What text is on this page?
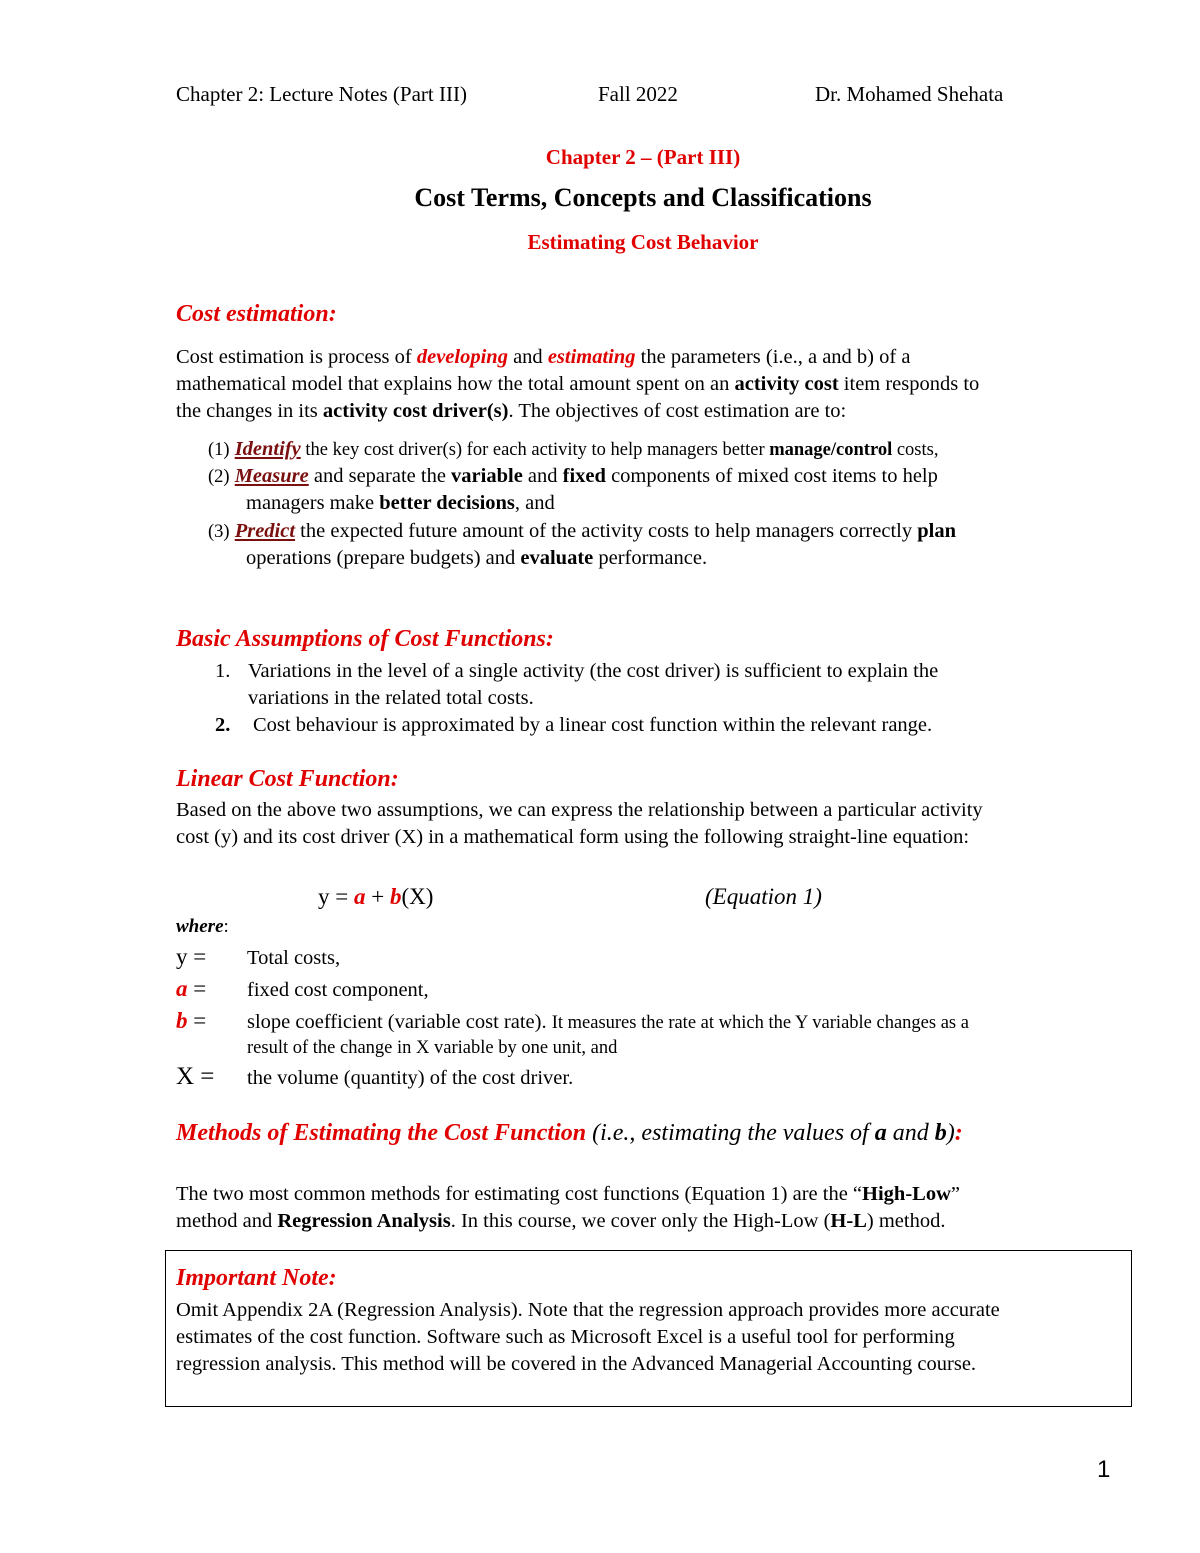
Chapter 2: Lecture Notes (Part III)	Fall 2022	Dr. Mohamed Shehata
Chapter 2 – (Part III)
Cost Terms, Concepts and Classifications
Estimating Cost Behavior
Cost estimation:
Cost estimation is process of developing and estimating the parameters (i.e., a and b) of a
mathematical model that explains how the total amount spent on an activity cost item responds to
the changes in its activity cost driver(s). The objectives of cost estimation are to:
(1) Identify the key cost driver(s) for each activity to help managers better manage/control costs,
(2) Measure and separate the variable and fixed components of mixed cost items to help
managers make better decisions, and
(3) Predict the expected future amount of the activity costs to help managers correctly plan
operations (prepare budgets) and evaluate performance.
Basic Assumptions of Cost Functions:
1. Variations in the level of a single activity (the cost driver) is sufficient to explain the
variations in the related total costs.
2. Cost behaviour is approximated by a linear cost function within the relevant range.
Linear Cost Function:
Based on the above two assumptions, we can express the relationship between a particular activity
cost (y) and its cost driver (X) in a mathematical form using the following straight-line equation:
y = a + b(X)	(Equation 1)
where:
y = Total costs,
a = fixed cost component,
b = slope coefficient (variable cost rate). It measures the rate at which the Y variable changes as a
result of the change in X variable by one unit, and
X = the volume (quantity) of the cost driver.
Methods of Estimating the Cost Function (i.e., estimating the values of a and b):
The two most common methods for estimating cost functions (Equation 1) are the “High-Low”
method and Regression Analysis. In this course, we cover only the High-Low (H-L) method.
Important Note:
Omit Appendix 2A (Regression Analysis). Note that the regression approach provides more accurate
estimates of the cost function. Software such as Microsoft Excel is a useful tool for performing
regression analysis. This method will be covered in the Advanced Managerial Accounting course.
1
